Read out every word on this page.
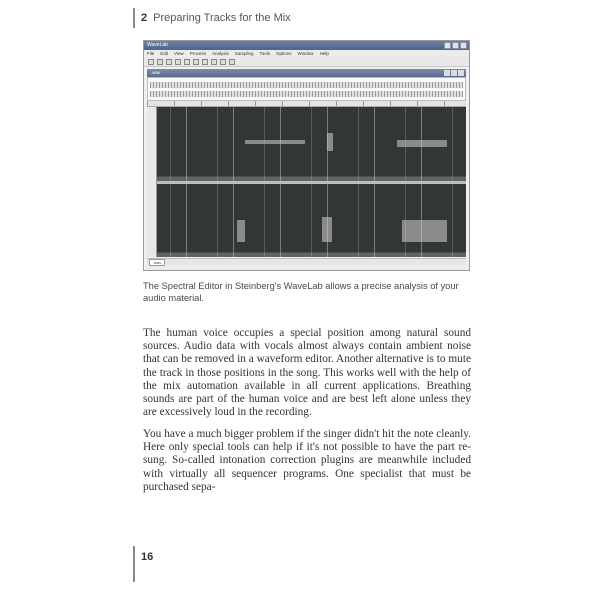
2 Preparing Tracks for the Mix
WaveLab
File Edit View Process Analysis Sampling Tools Options Window Help
.wav
.wav
The Spectral Editor in Steinberg's WaveLab allows a precise analysis of your audio material.

The human voice occupies a special position among natural sound sources. Audio data with vocals almost always contain ambient noise that can be removed in a waveform editor. Another alternative is to mute the track in those positions in the song. This works well with the help of the mix automation available in all current applications. Breathing sounds are part of the human voice and are best left alone unless they are excessively loud in the recording.

You have a much bigger problem if the singer didn't hit the note cleanly. Here only special tools can help if it's not possible to have the part re-sung. So-called intonation correction plugins are meanwhile included with virtually all sequencer programs. One specialist that must be purchased sepa-

16
